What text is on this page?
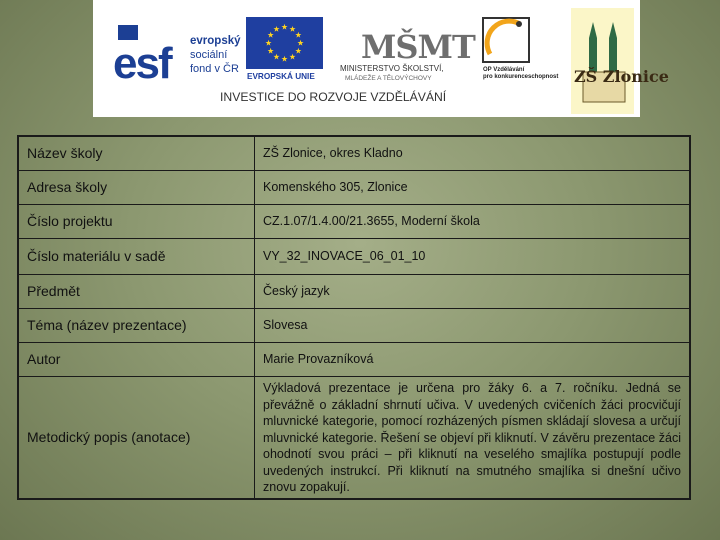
esf evropský
sociální
fond v ČR
EVROPSKÁ UNIE
MŠMT
MINISTERSTVO ŠKOLSTVÍ,
MLÁDEŽE A TĚLOVÝCHOVY
OP Vzdělávání
pro konkurenceschopnost ZŠ Zlonice
INVESTICE DO ROZVOJE VZDĚLÁVÁNÍ
Název školy	ZŠ Zlonice, okres Kladno
Adresa školy	Komenského 305, Zlonice
Číslo projektu	CZ.1.07/1.4.00/21.3655, Moderní škola
Číslo materiálu v sadě	VY_32_INOVACE_06_01_10
Předmět	Český jazyk
Téma (název prezentace)	Slovesa
Autor	Marie Provazníková
Metodický popis (anotace)	Výkladová prezentace je určena pro žáky 6. a 7. ročníku. Jedná se převážně o základní shrnutí učiva. V uvedených cvičeních žáci procvičují mluvnické kategorie, pomocí rozházených písmen skládají slovesa a určují mluvnické kategorie. Řešení se objeví při kliknutí. V závěru prezentace žáci ohodnotí svou práci – při kliknutí na veselého smajlíka postupují podle uvedených instrukcí. Při kliknutí na smutného smajlíka si dnešní učivo znovu zopakují.
